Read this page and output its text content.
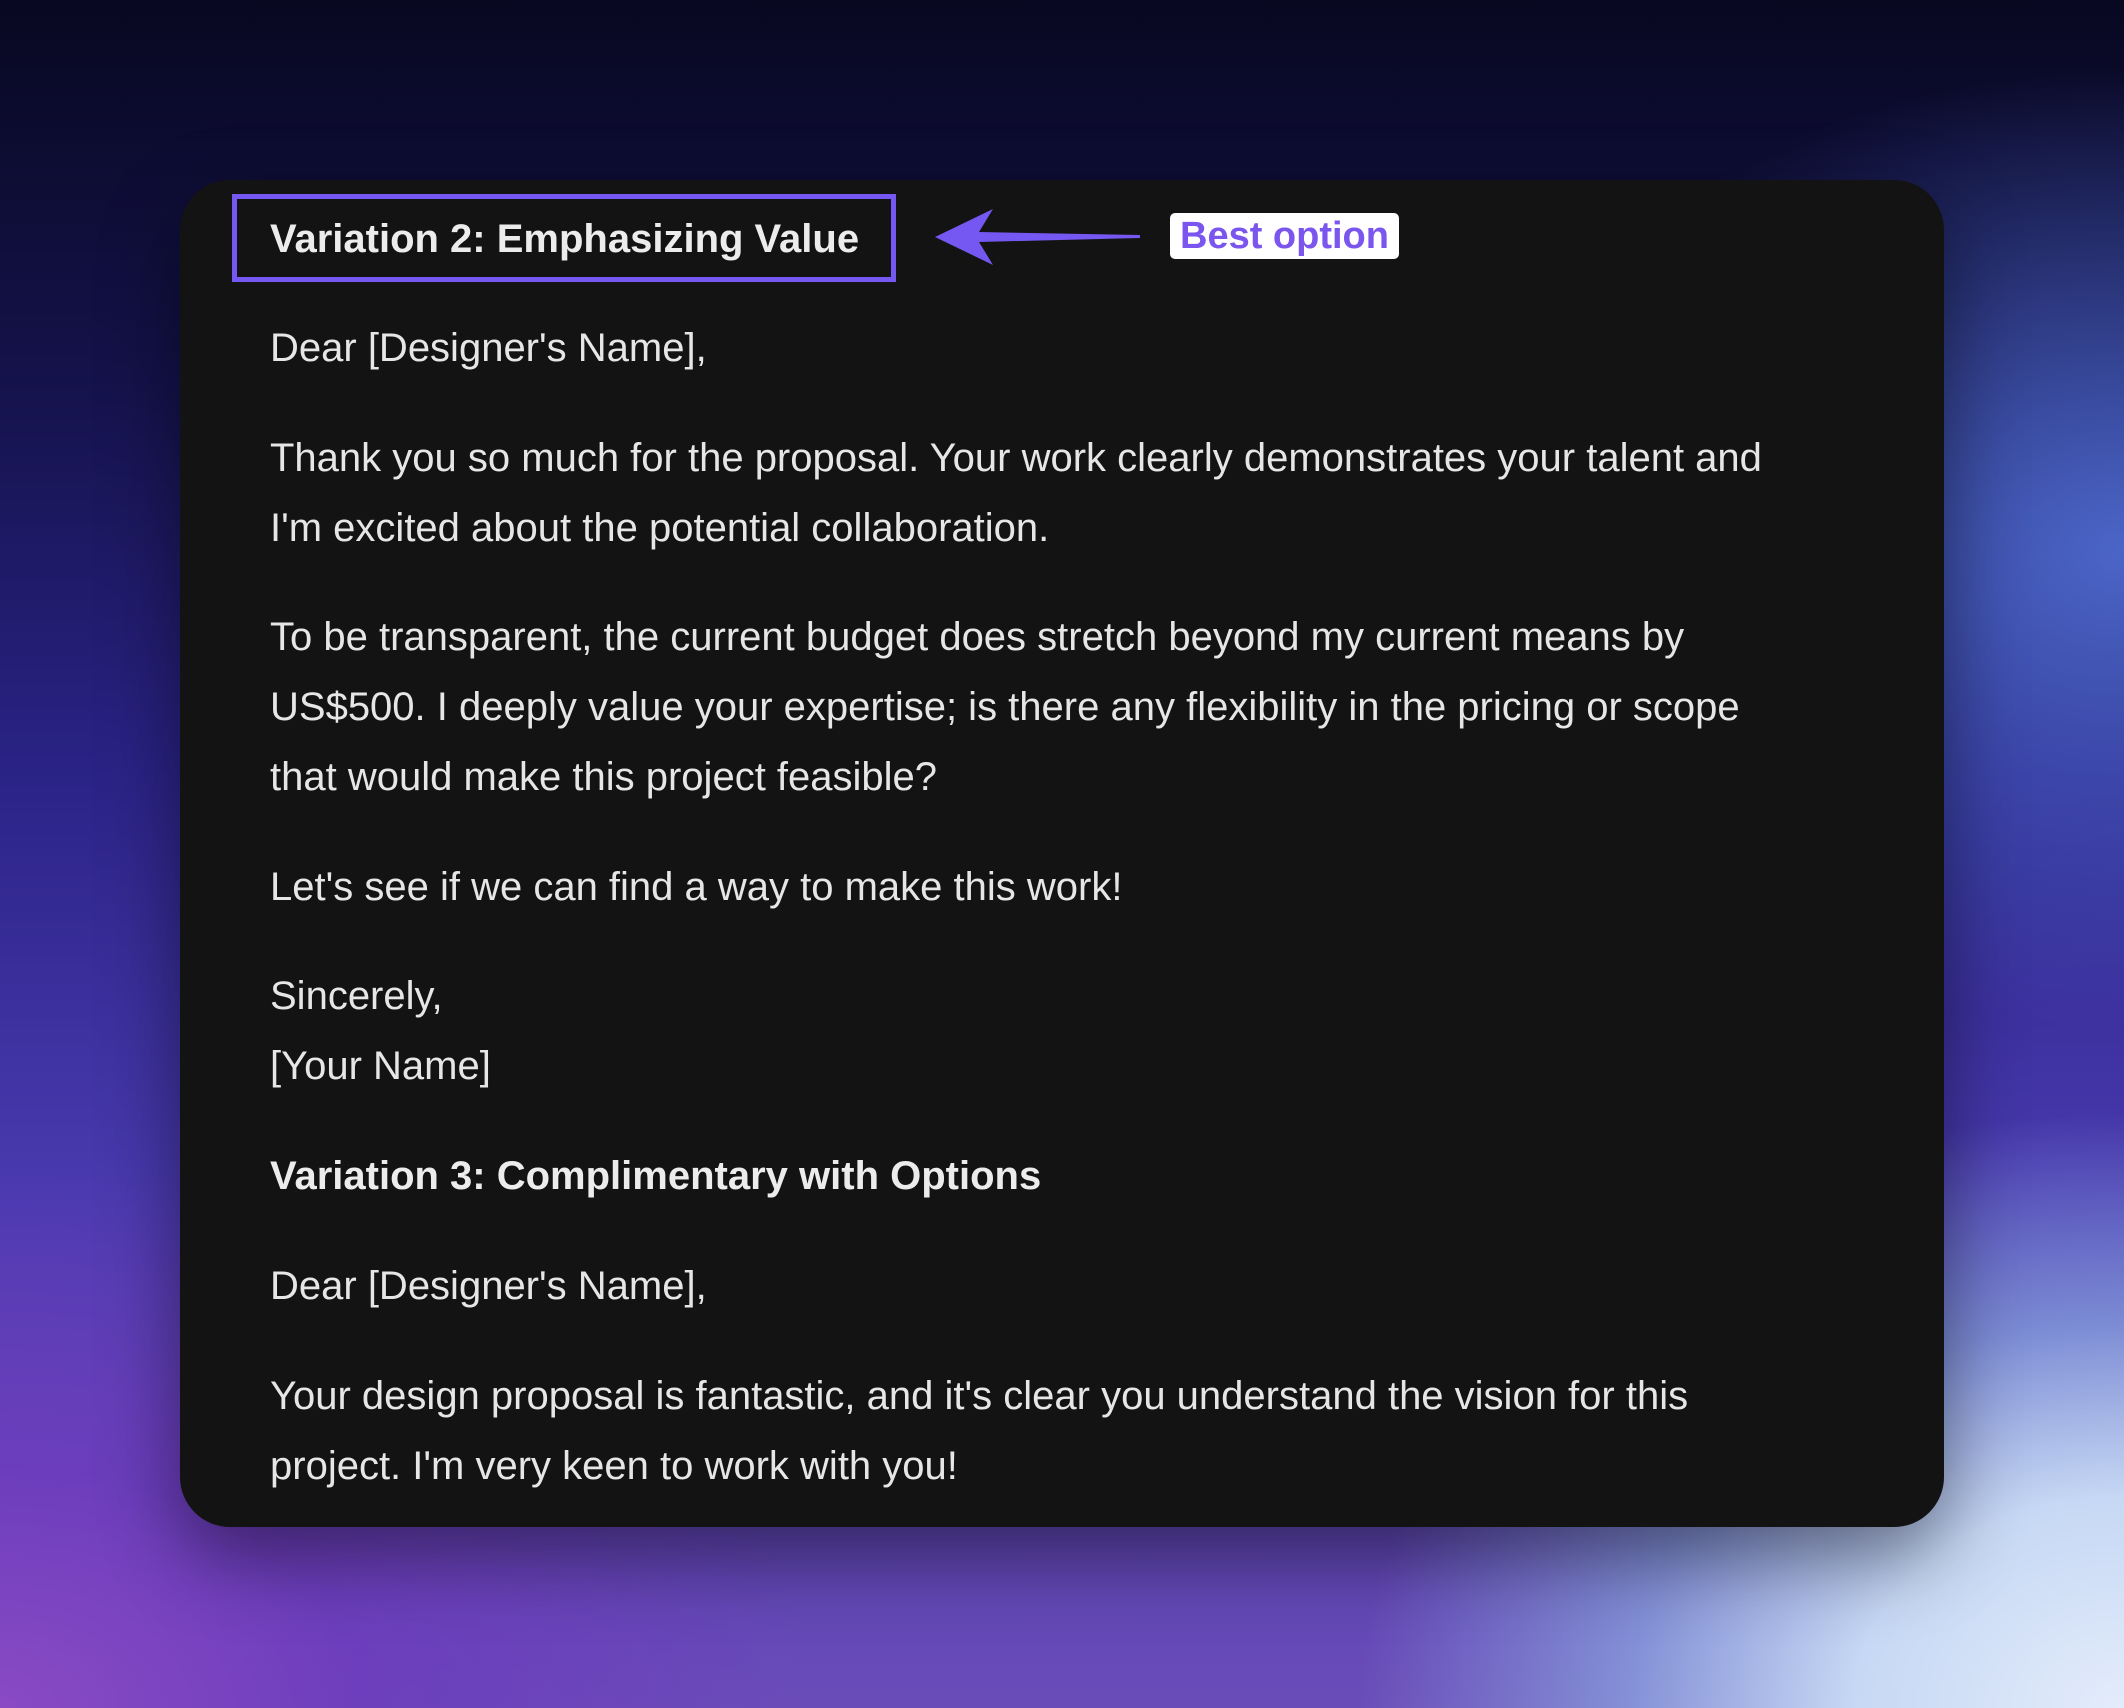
Variation 2: Emphasizing Value
Dear [Designer's Name],
Thank you so much for the proposal. Your work clearly demonstrates your talent and
I'm excited about the potential collaboration.
To be transparent, the current budget does stretch beyond my current means by
US$500. I deeply value your expertise; is there any flexibility in the pricing or scope
that would make this project feasible?
Let's see if we can find a way to make this work!
Sincerely,
[Your Name]
Variation 3: Complimentary with Options
Dear [Designer's Name],
Your design proposal is fantastic, and it's clear you understand the vision for this
project. I'm very keen to work with you!
Best option
